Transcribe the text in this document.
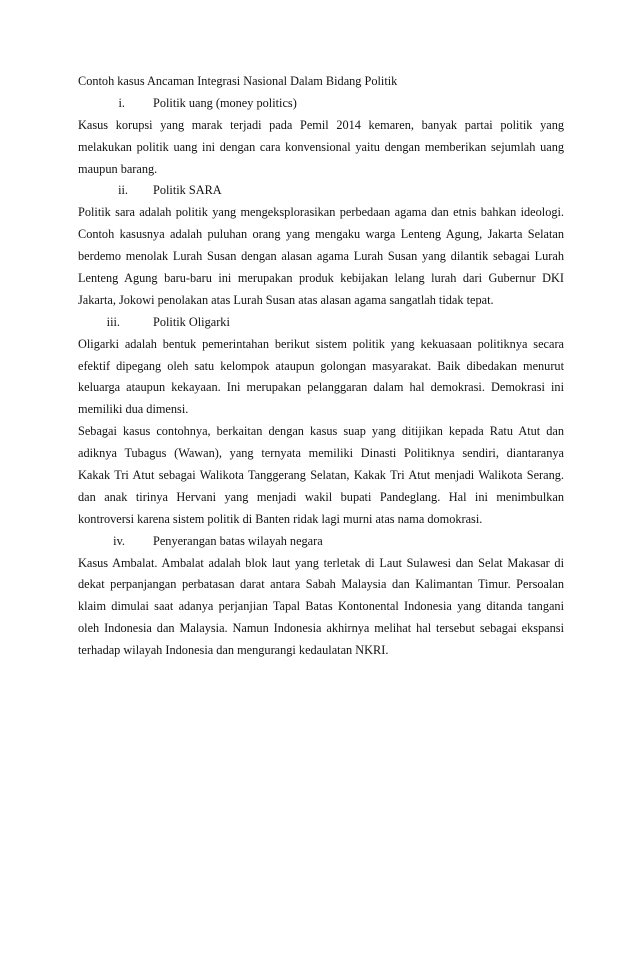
Contoh kasus Ancaman Integrasi Nasional Dalam Bidang Politik
i. Politik uang (money politics)
Kasus korupsi yang marak terjadi pada Pemil 2014 kemaren, banyak partai politik yang
melakukan politik uang ini dengan cara konvensional yaitu dengan memberikan sejumlah uang
maupun barang.
ii. Politik SARA
Politik sara adalah politik yang mengeksplorasikan perbedaan agama dan etnis bahkan ideologi.
Contoh kasusnya adalah puluhan orang yang mengaku warga Lenteng Agung, Jakarta Selatan
berdemo menolak Lurah Susan dengan alasan agama Lurah Susan yang dilantik sebagai Lurah
Lenteng Agung baru-baru ini merupakan produk kebijakan lelang lurah dari Gubernur DKI
Jakarta, Jokowi penolakan atas Lurah Susan atas alasan agama sangatlah tidak tepat.
iii.	Politik Oligarki
Oligarki adalah bentuk pemerintahan berikut sistem politik yang kekuasaan politiknya secara
efektif dipegang oleh satu kelompok ataupun golongan masyarakat. Baik dibedakan menurut
keluarga ataupun kekayaan. Ini merupakan pelanggaran dalam hal demokrasi. Demokrasi ini
memiliki dua dimensi.
Sebagai kasus contohnya, berkaitan dengan kasus suap yang ditijikan kepada Ratu Atut dan
adiknya Tubagus (Wawan), yang ternyata memiliki Dinasti Politiknya sendiri, diantaranya
Kakak Tri Atut sebagai Walikota Tanggerang Selatan, Kakak Tri Atut menjadi Walikota Serang.
dan anak tirinya Hervani yang menjadi wakil bupati Pandeglang. Hal ini menimbulkan
kontroversi karena sistem politik di Banten ridak lagi murni atas nama domokrasi.
iv. Penyerangan batas wilayah negara
Kasus Ambalat. Ambalat adalah blok laut yang terletak di Laut Sulawesi dan Selat Makasar di
dekat perpanjangan perbatasan darat antara Sabah Malaysia dan Kalimantan Timur. Persoalan
klaim dimulai saat adanya perjanjian Tapal Batas Kontonental Indonesia yang ditanda tangani
oleh Indonesia dan Malaysia. Namun Indonesia akhirnya melihat hal tersebut sebagai ekspansi
terhadap wilayah Indonesia dan mengurangi kedaulatan NKRI.
